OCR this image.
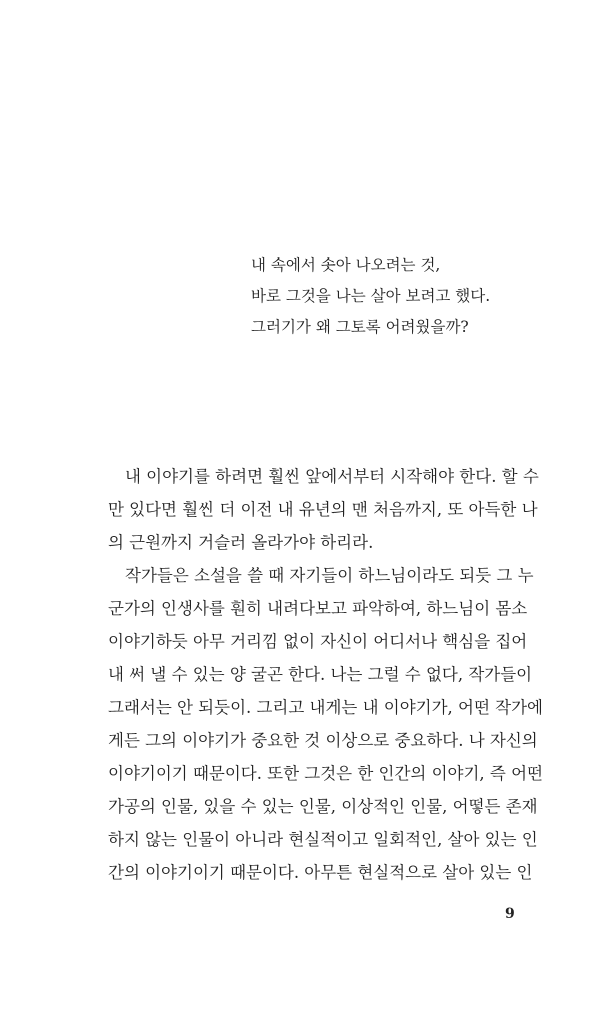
내 속에서 솟아 나오려는 것,
바로 그것을 나는 살아 보려고 했다.
그러기가 왜 그토록 어려웠을까?
내 이야기를 하려면 훨씬 앞에서부터 시작해야 한다. 할 수
만 있다면 훨씬 더 이전 내 유년의 맨 처음까지, 또 아득한 나
의 근원까지 거슬러 올라가야 하리라.
작가들은 소설을 쓸 때 자기들이 하느님이라도 되듯 그 누
군가의 인생사를 훤히 내려다보고 파악하여, 하느님이 몸소
이야기하듯 아무 거리낌 없이 자신이 어디서나 핵심을 집어
내 써 낼 수 있는 양 굴곤 한다. 나는 그럴 수 없다, 작가들이
그래서는 안 되듯이. 그리고 내게는 내 이야기가, 어떤 작가에
게든 그의 이야기가 중요한 것 이상으로 중요하다. 나 자신의
이야기이기 때문이다. 또한 그것은 한 인간의 이야기, 즉 어떤
가공의 인물, 있을 수 있는 인물, 이상적인 인물, 어떻든 존재
하지 않는 인물이 아니라 현실적이고 일회적인, 살아 있는 인
간의 이야기이기 때문이다. 아무튼 현실적으로 살아 있는 인
9
